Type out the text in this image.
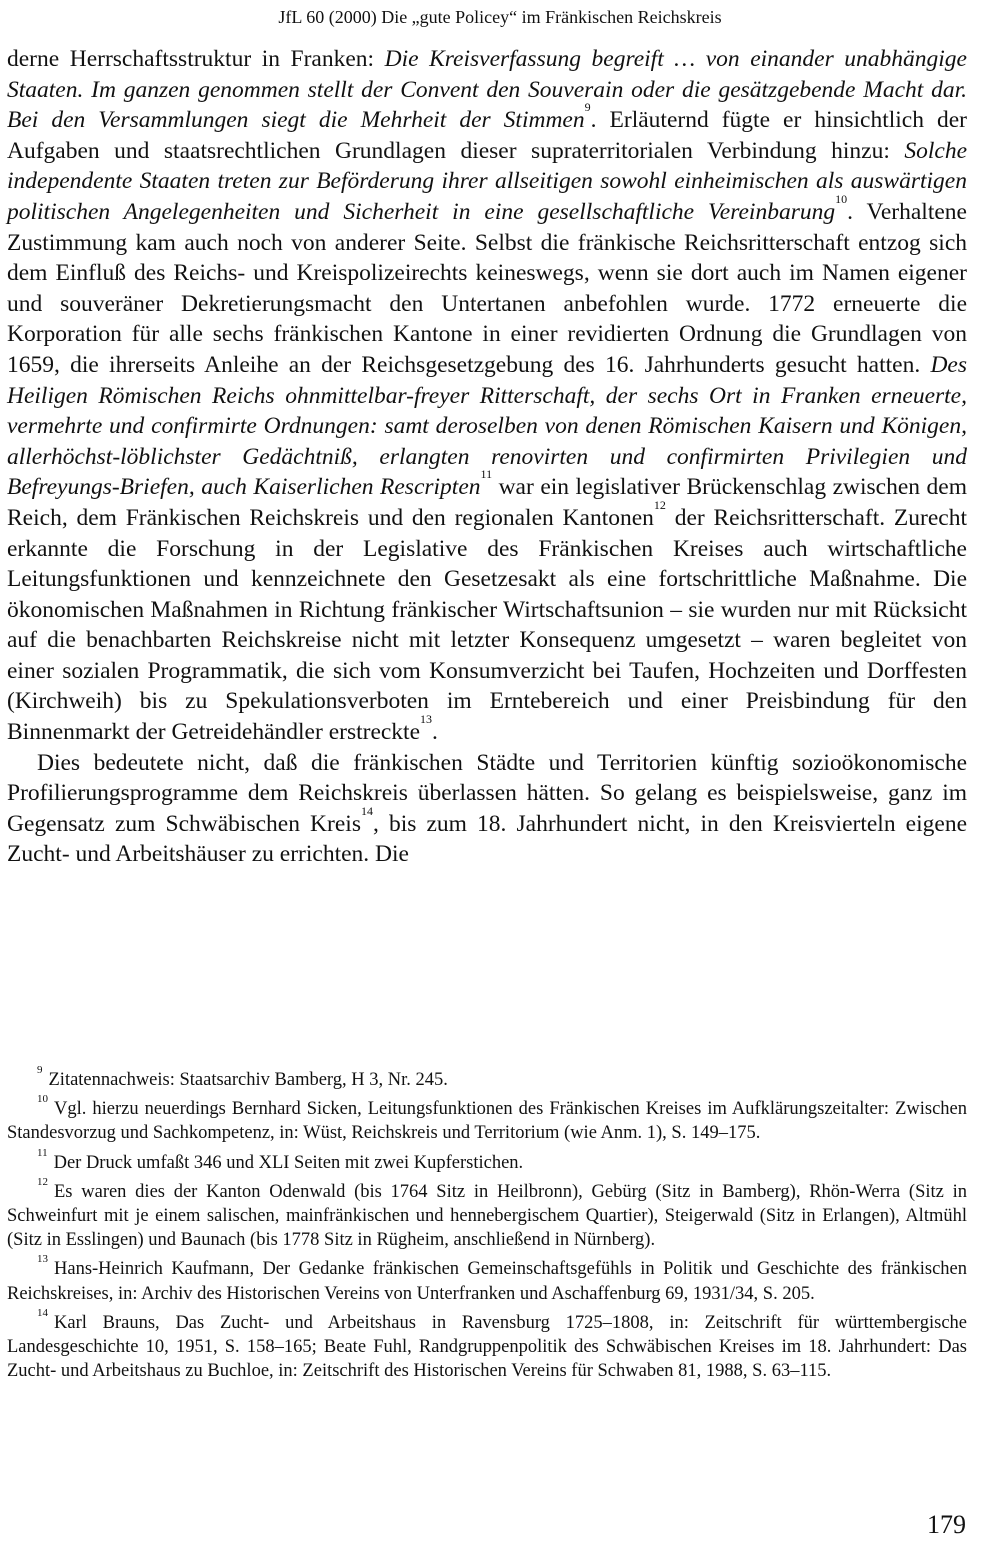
JfL 60 (2000) Die „gute Policey“ im Fränkischen Reichskreis

derne Herrschaftsstruktur in Franken: Die Kreisverfassung begreift … von einander unabhängige Staaten. Im ganzen genommen stellt der Convent den Souverain oder die gesätzgebende Macht dar. Bei den Versammlungen siegt die Mehrheit der Stimmen$^9$. Erläuternd fügte er hinsichtlich der Aufgaben und staatsrechtlichen Grundlagen dieser supraterritorialen Verbindung hinzu: Solche independente Staaten treten zur Beförderung ihrer allseitigen sowohl einheimischen als auswärtigen politischen Angelegenheiten und Sicherheit in eine gesellschaftliche Vereinbarung$^{10}$. Verhaltene Zustimmung kam auch noch von anderer Seite. Selbst die fränkische Reichsritterschaft entzog sich dem Einfluß des Reichs- und Kreispolizeirechts keineswegs, wenn sie dort auch im Namen eigener und souveräner Dekretierungsmacht den Untertanen anbefohlen wurde. 1772 erneuerte die Korporation für alle sechs fränkischen Kantone in einer revidierten Ordnung die Grundlagen von 1659, die ihrerseits Anleihe an der Reichsgesetzgebung des 16. Jahrhunderts gesucht hatten. Des Heiligen Römischen Reichs ohnmittelbar-freyer Ritterschaft, der sechs Ort in Franken erneuerte, vermehrte und confirmirte Ordnungen: samt deroselben von denen Römischen Kaisern und Königen, allerhöchst-löblichster Gedächtniß, erlangten renovirten und confirmirten Privilegien und Befreyungs-Briefen, auch Kaiserlichen Rescripten$^{11}$ war ein legislativer Brückenschlag zwischen dem Reich, dem Fränkischen Reichskreis und den regionalen Kantonen$^{12}$ der Reichsritterschaft. Zurecht erkannte die Forschung in der Legislative des Fränkischen Kreises auch wirtschaftliche Leitungsfunktionen und kennzeichnete den Gesetzesakt als eine fortschrittliche Maßnahme. Die ökonomischen Maßnahmen in Richtung fränkischer Wirtschaftsunion – sie wurden nur mit Rücksicht auf die benachbarten Reichskreise nicht mit letzter Konsequenz umgesetzt – waren begleitet von einer sozialen Programmatik, die sich vom Konsumverzicht bei Taufen, Hochzeiten und Dorffesten (Kirchweih) bis zu Spekulationsverboten im Erntebereich und einer Preisbindung für den Binnenmarkt der Getreidehändler erstreckte$^{13}$.

Dies bedeutete nicht, daß die fränkischen Städte und Territorien künftig sozioökonomische Profilierungsprogramme dem Reichskreis überlassen hätten. So gelang es beispielsweise, ganz im Gegensatz zum Schwäbischen Kreis$^{14}$, bis zum 18. Jahrhundert nicht, in den Kreisvierteln eigene Zucht- und Arbeitshäuser zu errichten. Die

$^9$ Zitatennachweis: Staatsarchiv Bamberg, H 3, Nr. 245.

$^{10}$ Vgl. hierzu neuerdings Bernhard Sicken, Leitungsfunktionen des Fränkischen Kreises im Aufklärungszeitalter: Zwischen Standesvorzug und Sachkompetenz, in: Wüst, Reichskreis und Territorium (wie Anm. 1), S. 149–175.

$^{11}$ Der Druck umfaßt 346 und XLI Seiten mit zwei Kupferstichen.

$^{12}$ Es waren dies der Kanton Odenwald (bis 1764 Sitz in Heilbronn), Gebürg (Sitz in Bamberg), Rhön-Werra (Sitz in Schweinfurt mit je einem salischen, mainfränkischen und hennebergischem Quartier), Steigerwald (Sitz in Erlangen), Altmühl (Sitz in Esslingen) und Baunach (bis 1778 Sitz in Rügheim, anschließend in Nürnberg).

$^{13}$ Hans-Heinrich Kaufmann, Der Gedanke fränkischen Gemeinschaftsgefühls in Politik und Geschichte des fränkischen Reichskreises, in: Archiv des Historischen Vereins von Unterfranken und Aschaffenburg 69, 1931/34, S. 205.

$^{14}$ Karl Brauns, Das Zucht- und Arbeitshaus in Ravensburg 1725–1808, in: Zeitschrift für württembergische Landesgeschichte 10, 1951, S. 158–165; Beate Fuhl, Randgruppenpolitik des Schwäbischen Kreises im 18. Jahrhundert: Das Zucht- und Arbeitshaus zu Buchloe, in: Zeitschrift des Historischen Vereins für Schwaben 81, 1988, S. 63–115.

179
